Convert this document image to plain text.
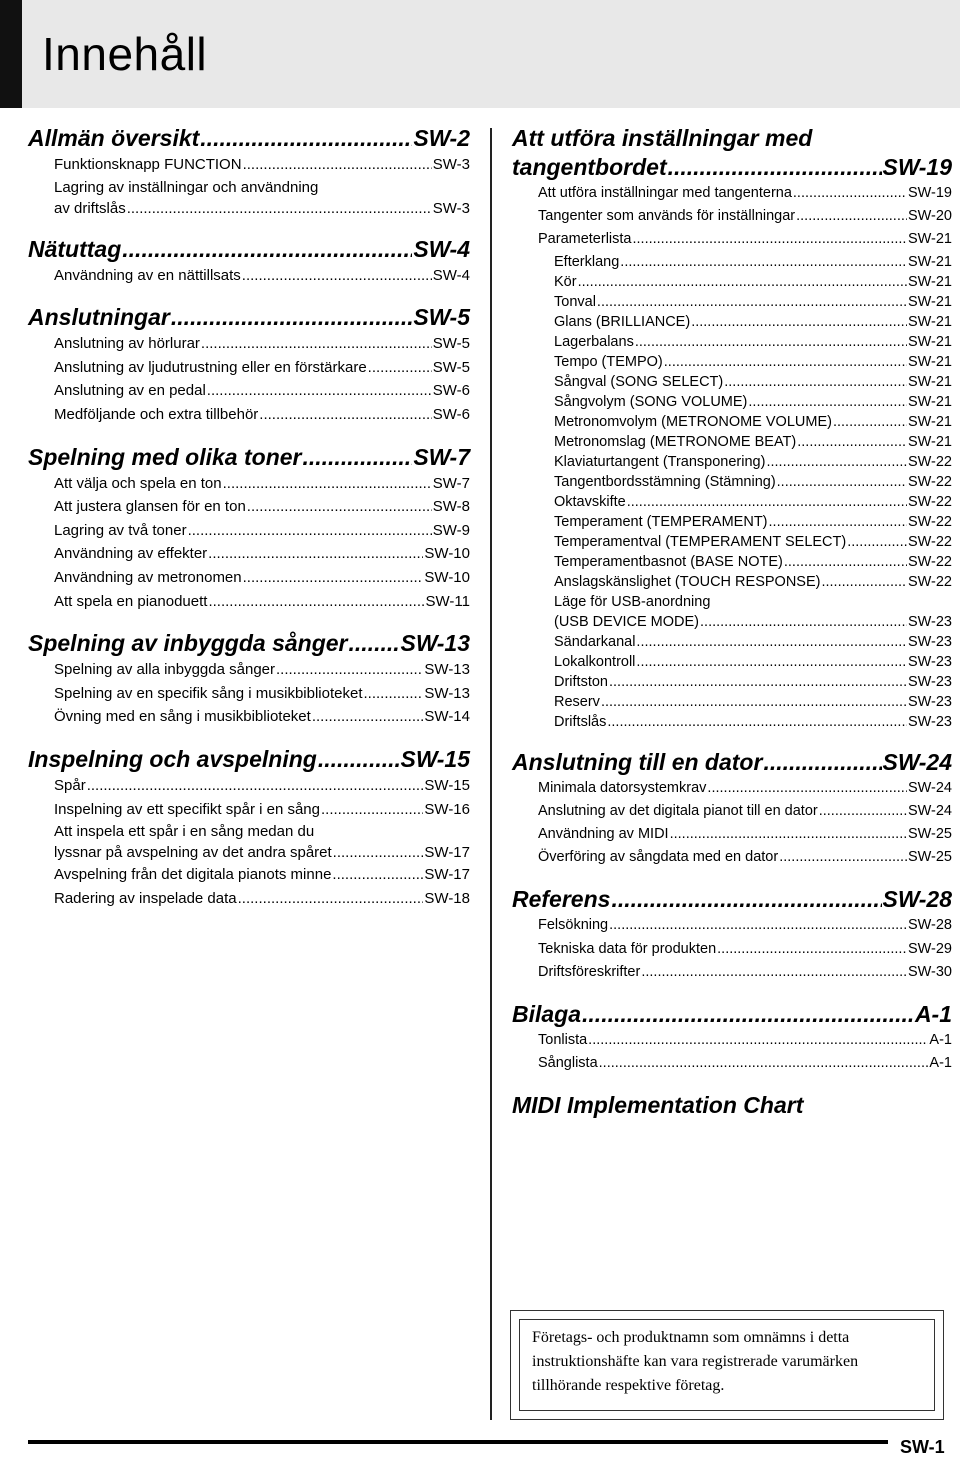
Innehåll
Allmän översikt .....	SW-2
Funktionsknapp FUNCTION .....	SW-3
Lagring av inställningar och användning
av driftslås .....	SW-3
Nätuttag .....	SW-4
Användning av en nättillsats .....	SW-4
Anslutningar .....	SW-5
Anslutning av hörlurar .....	SW-5
Anslutning av ljudutrustning eller en förstärkare .....	SW-5
Anslutning av en pedal .....	SW-6
Medföljande och extra tillbehör .....	SW-6
Spelning med olika toner .....	SW-7
Att välja och spela en ton .....	SW-7
Att justera glansen för en ton .....	SW-8
Lagring av två toner .....	SW-9
Användning av effekter .....	SW-10
Användning av metronomen .....	SW-10
Att spela en pianoduett .....	SW-11
Spelning av inbyggda sånger ..... SW-13
Spelning av alla inbyggda sånger .....	SW-13
Spelning av en specifik sång i musikbiblioteket .....	SW-13
Övning med en sång i musikbiblioteket .....	SW-14
Inspelning och avspelning .....	SW-15
Spår .....	SW-15
Inspelning av ett specifikt spår i en sång .....	SW-16
Att inspela ett spår i en sång medan du
lyssnar på avspelning av det andra spåret .....	SW-17
Avspelning från det digitala pianots minne .....	SW-17
Radering av inspelade data .....	SW-18
Att utföra inställningar med
tangentbordet .....	SW-19
Att utföra inställningar med tangenterna .....	SW-19
Tangenter som används för inställningar .....	SW-20
Parameterlista .....	SW-21
Efterklang .....	SW-21
Kör .....	SW-21
Tonval .....	SW-21
Glans (BRILLIANCE) .....	SW-21
Lagerbalans .....	SW-21
Tempo (TEMPO) .....	SW-21
Sångval (SONG SELECT) .....	SW-21
Sångvolym (SONG VOLUME) .....	SW-21
Metronomvolym (METRONOME VOLUME) .....	SW-21
Metronomslag (METRONOME BEAT) .....	SW-21
Klaviaturtangent (Transponering) .....	SW-22
Tangentbordsstämning (Stämning) .....	SW-22
Oktavskifte .....	SW-22
Temperament (TEMPERAMENT) .....	SW-22
Temperamentval (TEMPERAMENT SELECT) .....	SW-22
Temperamentbasnot (BASE NOTE) .....	SW-22
Anslagskänslighet (TOUCH RESPONSE) .....	SW-22
Läge för USB-anordning
(USB DEVICE MODE) .....	SW-23
Sändarkanal .....	SW-23
Lokalkontroll .....	SW-23
Driftston .....	SW-23
Reserv .....	SW-23
Driftslås .....	SW-23
Anslutning till en dator .....	SW-24
Minimala datorsystemkrav .....	SW-24
Anslutning av det digitala pianot till en dator .....	SW-24
Användning av MIDI .....	SW-25
Överföring av sångdata med en dator .....	SW-25
Referens .....	SW-28
Felsökning .....	SW-28
Tekniska data för produkten .....	SW-29
Driftsföreskrifter .....	SW-30
Bilaga .....	A-1
Tonlista .....	A-1
Sånglista .....	A-1
MIDI Implementation Chart
Företags- och produktnamn som omnämns i detta instruktionshäfte kan vara registrerade varumärken tillhörande respektive företag.
SW-1
